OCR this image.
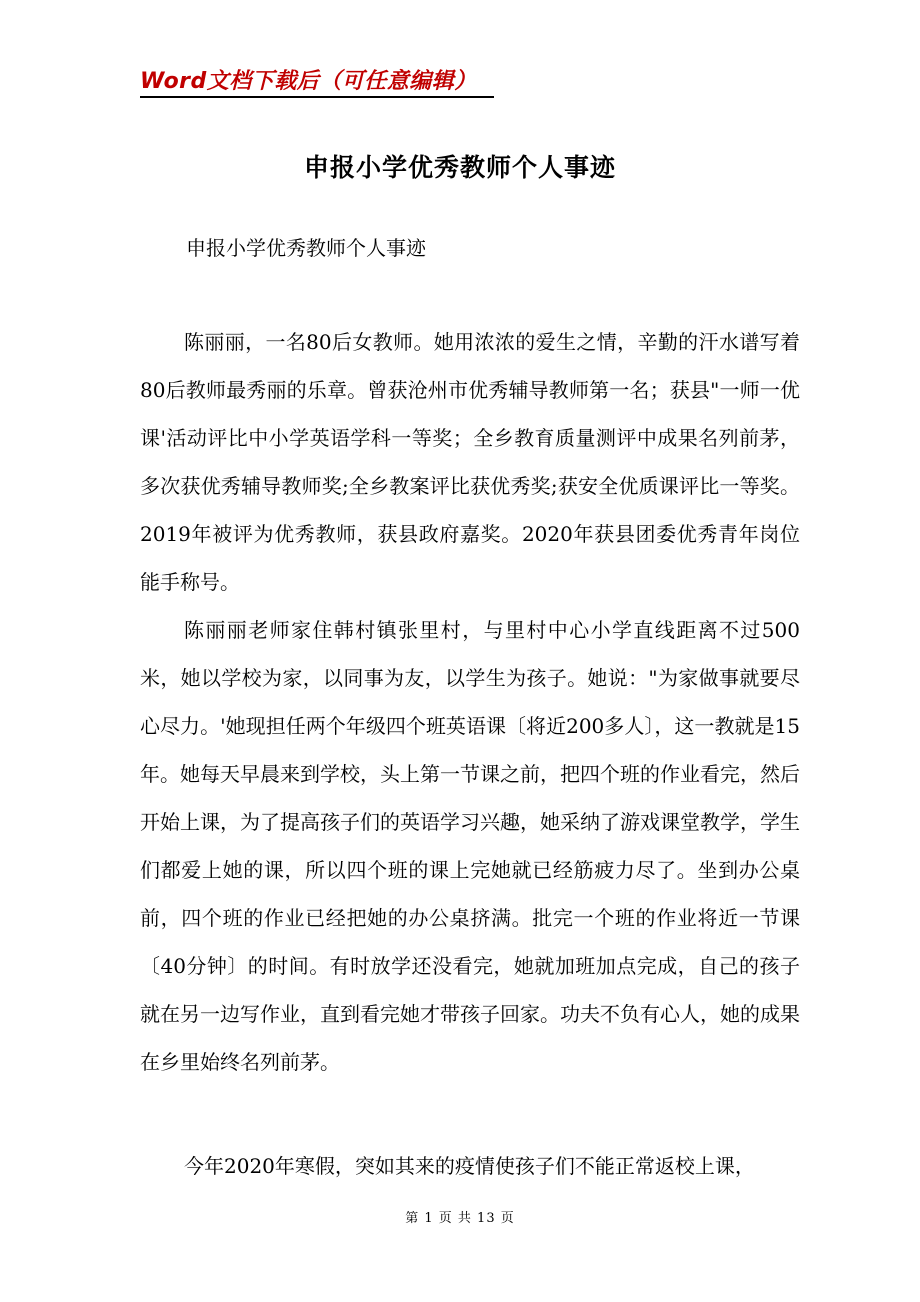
Word文档下载后（可任意编辑）
申报小学优秀教师个人事迹
申报小学优秀教师个人事迹

陈丽丽，一名80后女教师。她用浓浓的爱生之情，辛勤的汗水谱写着80后教师最秀丽的乐章。曾获沧州市优秀辅导教师第一名；获县"一师一优课'活动评比中小学英语学科一等奖；全乡教育质量测评中成果名列前茅，多次获优秀辅导教师奖;全乡教案评比获优秀奖;获安全优质课评比一等奖。2019年被评为优秀教师，获县政府嘉奖。2020年获县团委优秀青年岗位能手称号。

陈丽丽老师家住韩村镇张里村，与里村中心小学直线距离不过500米，她以学校为家，以同事为友，以学生为孩子。她说："为家做事就要尽心尽力。'她现担任两个年级四个班英语课〔将近200多人〕，这一教就是15年。她每天早晨来到学校，头上第一节课之前，把四个班的作业看完，然后开始上课，为了提高孩子们的英语学习兴趣，她采纳了游戏课堂教学，学生们都爱上她的课，所以四个班的课上完她就已经筋疲力尽了。坐到办公桌前，四个班的作业已经把她的办公桌挤满。批完一个班的作业将近一节课〔40分钟〕的时间。有时放学还没看完，她就加班加点完成，自己的孩子就在另一边写作业，直到看完她才带孩子回家。功夫不负有心人，她的成果在乡里始终名列前茅。

今年2020年寒假，突如其来的疫情使孩子们不能正常返校上课，

第 1 页 共 13 页
